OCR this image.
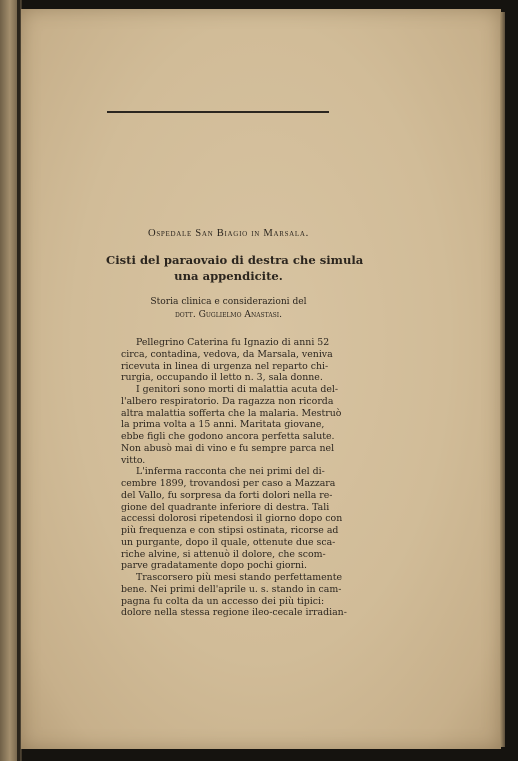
Ospedale San Biagio in Marsala.

Cisti del paraovaio di destra che simula
una appendicite.
Storia clinica e considerazioni del
dott. Guglielmo Anastasi.
Pellegrino Caterina fu Ignazio di anni 52
circa, contadina, vedova, da Marsala, veniva
ricevuta in linea di urgenza nel reparto chi-
rurgia, occupando il letto n. 3, sala donne.
I genitori sono morti di malattia acuta del-
l'albero respiratorio. Da ragazza non ricorda
altra malattia sofferta che la malaria. Mestruò
la prima volta a 15 anni. Maritata giovane,
ebbe figli che godono ancora perfetta salute.
Non abusò mai di vino e fu sempre parca nel
vitto.
L'inferma racconta che nei primi del di-
cembre 1899, trovandosi per caso a Mazzara
del Vallo, fu sorpresa da forti dolori nella re-
gione del quadrante inferiore di destra. Tali
accessi dolorosi ripetendosi il giorno dopo con
più frequenza e con stipsi ostinata, ricorse ad
un purgante, dopo il quale, ottenute due sca-
riche alvine, si attenuò il dolore, che scom-
parve gradatamente dopo pochi giorni.
Trascorsero più mesi stando perfettamente
bene. Nei primi dell'aprile u. s. stando in cam-
pagna fu colta da un accesso dei più tipici:
dolore nella stessa regione ileo-cecale irradian-
